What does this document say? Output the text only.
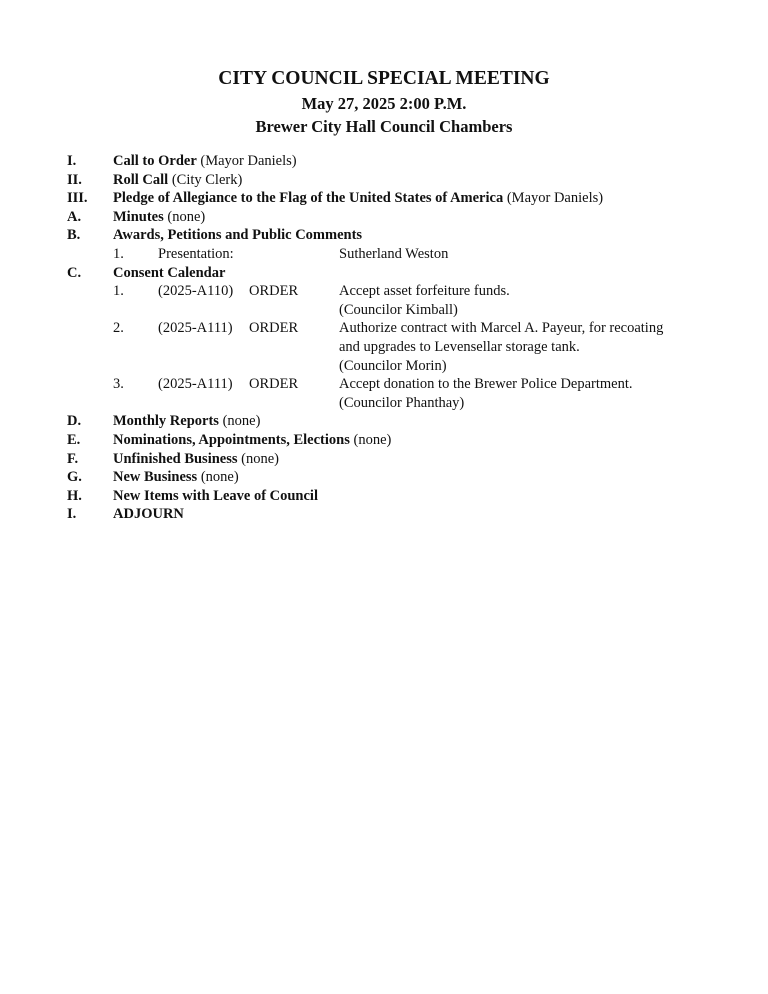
CITY COUNCIL SPECIAL MEETING
May 27, 2025 2:00 P.M.
Brewer City Hall Council Chambers
I.	Call to Order (Mayor Daniels)
II. Roll Call (City Clerk)
III. Pledge of Allegiance to the Flag of the United States of America (Mayor Daniels)
A. Minutes (none)
B. Awards, Petitions and Public Comments
1. Presentation:	Sutherland Weston
C. Consent Calendar
1. (2025-A110) ORDER	Accept asset forfeiture funds.
(Councilor Kimball)
2. (2025-A111) ORDER	Authorize contract with Marcel A. Payeur, for recoating
and upgrades to Levensellar storage tank.
(Councilor Morin)
3. (2025-A111) ORDER	Accept donation to the Brewer Police Department.
(Councilor Phanthay)
D. Monthly Reports (none)
E. Nominations, Appointments, Elections (none)
F. Unfinished Business (none)
G. New Business (none)
H. New Items with Leave of Council
I.	ADJOURN
